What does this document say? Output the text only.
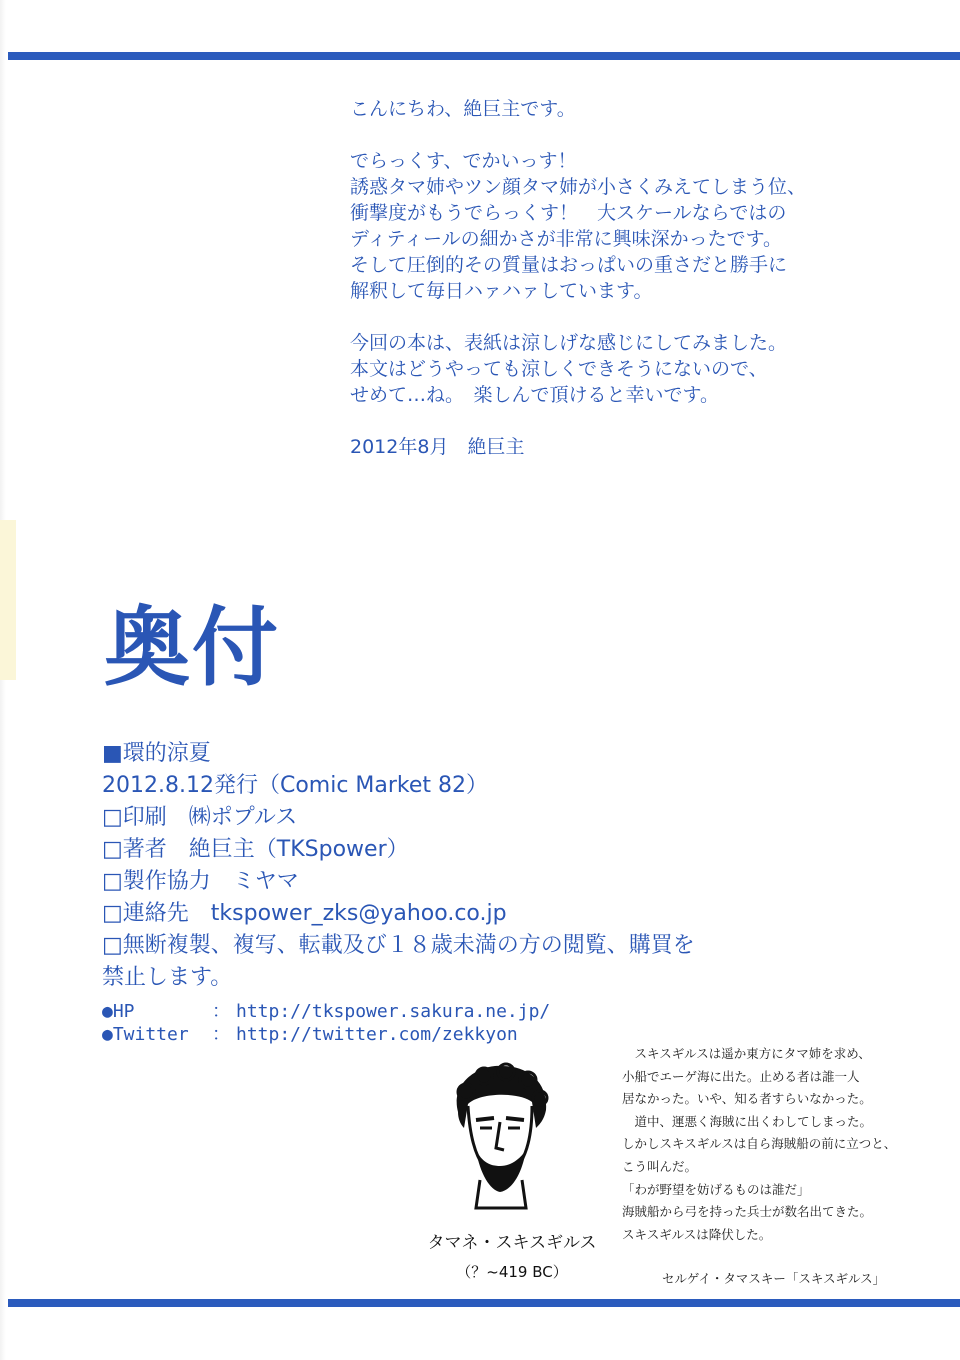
こんにちわ、絶巨主です。

でらっくす、でかいっす！
誘惑タマ姉やツン顔タマ姉が小さくみえてしまう位、
衝撃度がもうでらっくす！　大スケールならではの
ディティールの細かさが非常に興味深かったです。
そして圧倒的その質量はおっぱいの重さだと勝手に
解釈して毎日ハァハァしています。

今回の本は、表紙は涼しげな感じにしてみました。
本文はどうやっても涼しくできそうにないので、
せめて…ね。　楽しんで頂けると幸いです。

2012年8月　絶巨主

奥付
■環的涼夏
2012.8.12発行（Comic Market 82）
□印刷　㈱ポプルス
□著者　絶巨主（TKSpower）
□製作協力　ミヤマ
□連絡先　tkspower_zks@yahoo.co.jp
□無断複製、複写、転載及び１８歳未満の方の閲覧、購買を
禁止します。
●HP	： http://tkspower.sakura.ne.jp/
●Twitter ： http://twitter.com/zekkyon
タマネ・スキスギルス
（？~419 BC）
　スキスギルスは遥か東方にタマ姉を求め、
小船でエーゲ海に出た。止める者は誰一人
居なかった。いや、知る者すらいなかった。
　道中、運悪く海賊に出くわしてしまった。
しかしスキスギルスは自ら海賊船の前に立つと、
こう叫んだ。
「わが野望を妨げるものは誰だ」
海賊船から弓を持った兵士が数名出てきた。
スキスギルスは降伏した。
セルゲイ・タマスキー「スキスギルス」
